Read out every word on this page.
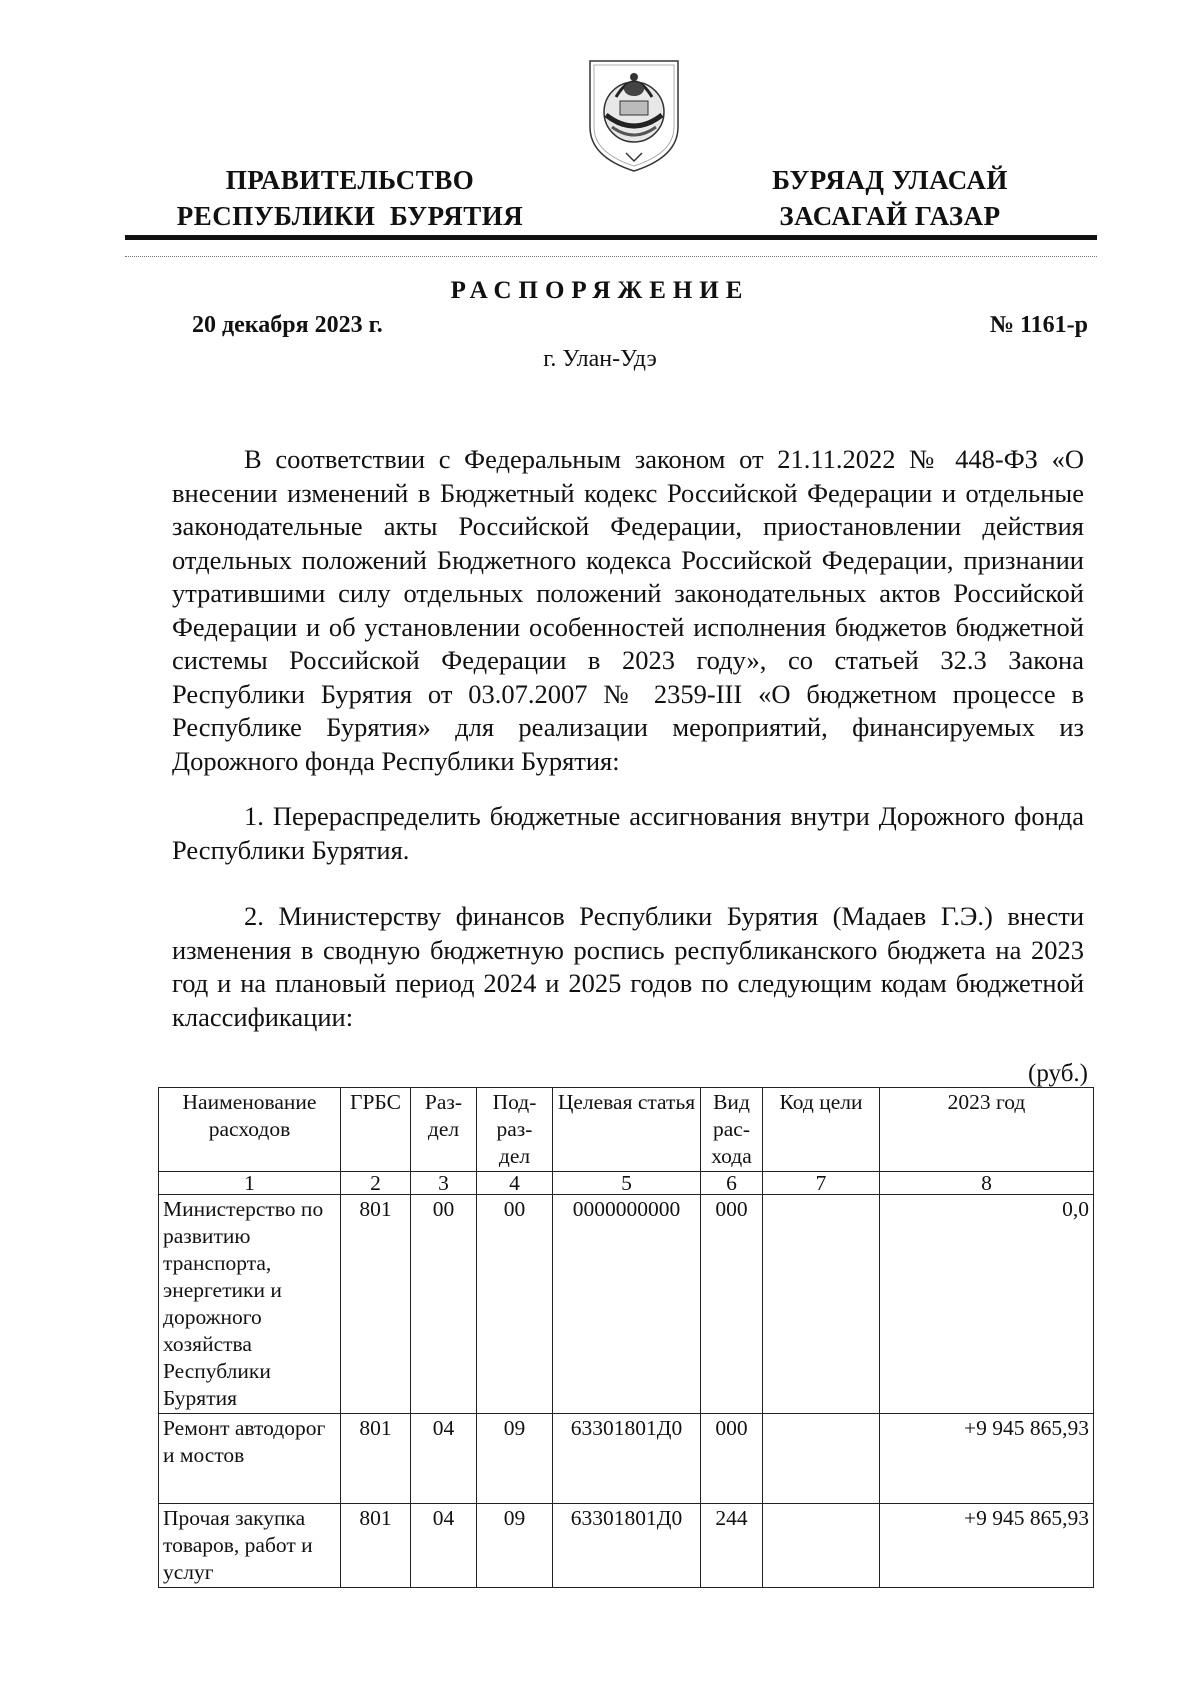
ПРАВИТЕЛЬСТВО
РЕСПУБЛИКИ  БУРЯТИЯ
БУРЯАД УЛАСАЙ
ЗАСАГАЙ ГАЗАР
РАСПОРЯЖЕНИЕ
20 декабря 2023 г.	№ 1161-р
г. Улан-Удэ
В соответствии с Федеральным законом от 21.11.2022 № 448-ФЗ «О внесении изменений в Бюджетный кодекс Российской Федерации и отдельные законодательные акты Российской Федерации, приостановлении действия отдельных положений Бюджетного кодекса Российской Федерации, признании утратившими силу отдельных положений законодательных актов Российской Федерации и об установлении особенностей исполнения бюджетов бюджетной системы Российской Федерации в 2023 году», со статьей 32.3 Закона Республики Бурятия от 03.07.2007 № 2359-III «О бюджетном процессе в Республике Бурятия» для реализации мероприятий, финансируемых из Дорожного фонда Республики Бурятия:
1. Перераспределить бюджетные ассигнования внутри Дорожного фонда Республики Бурятия.
2. Министерству финансов Республики Бурятия (Мадаев Г.Э.) внести изменения в сводную бюджетную роспись республиканского бюджета на 2023 год и на плановый период 2024 и 2025 годов по следующим кодам бюджетной классификации:
(руб.)
Наименование расходов	ГРБС	Раз-дел	Под-раз-дел	Целевая статья	Вид рас-хода	Код цели	2023 год
1	2	3	4	5	6	7	8
Министерство по развитию транспорта, энергетики и дорожного хозяйства Республики Бурятия	801	00	00	0000000000	000		0,0
Ремонт автодорог и мостов	801	04	09	63301801Д0	000		+9 945 865,93
Прочая закупка товаров, работ и услуг	801	04	09	63301801Д0	244		+9 945 865,93
